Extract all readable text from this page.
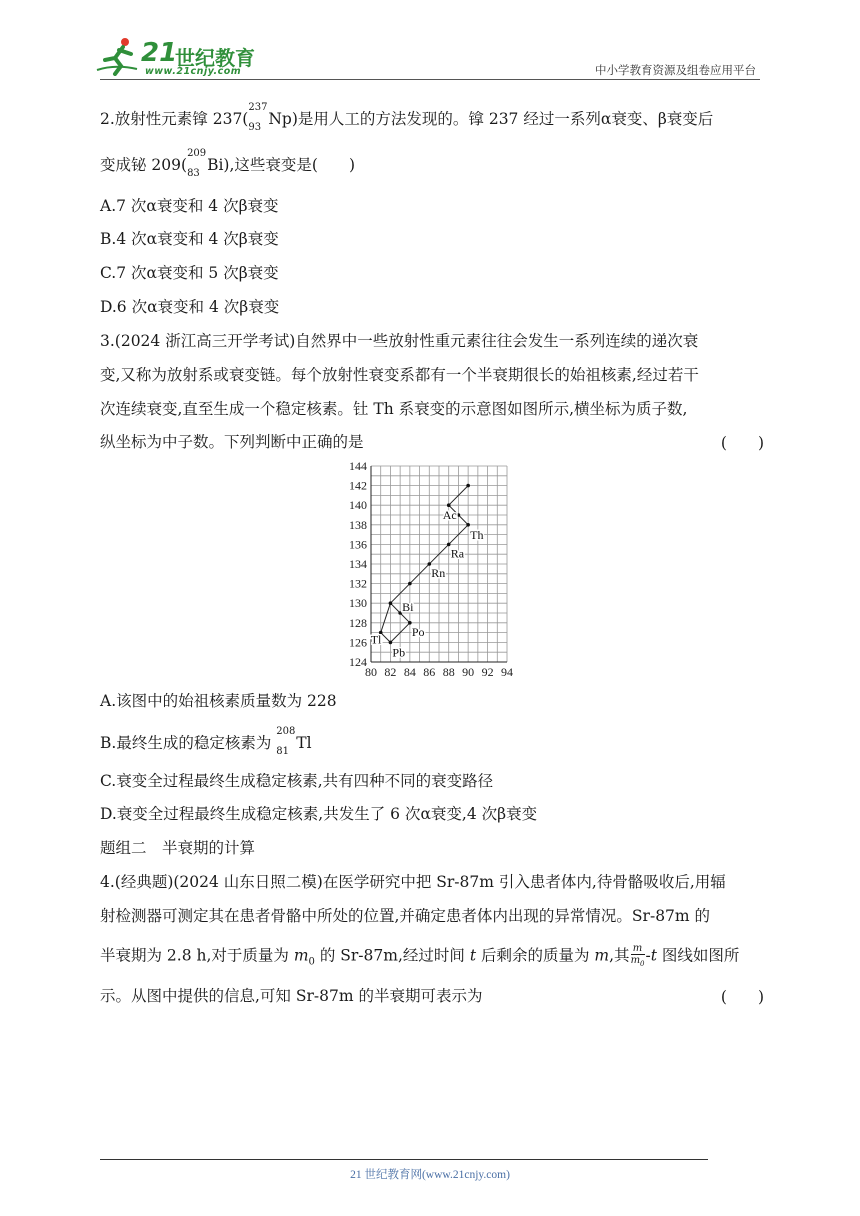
21
世纪教育
www.21cnjy.com	中小学教育资源及组卷应用平台
2.放射性元素镎 237(
237
93 Np)是用人工的方法发现的。镎 237 经过一系列α衰变、β衰变后
变成铋 209(
209
83 Bi),这些衰变是(　　)
A.7 次α衰变和 4 次β衰变
B.4 次α衰变和 4 次β衰变
C.7 次α衰变和 5 次β衰变
D.6 次α衰变和 4 次β衰变
3.(2024 浙江高三开学考试)自然界中一些放射性重元素往往会发生一系列连续的递次衰
变,又称为放射系或衰变链。每个放射性衰变系都有一个半衰期很长的始祖核素,经过若干
次连续衰变,直至生成一个稳定核素。钍 Th 系衰变的示意图如图所示,横坐标为质子数,
纵坐标为中子数。下列判断中正确的是	(　　)
80 82 84 86 88 90 92 94
124
126
128
130
132
134
136
138
140
142
144
Ac
Th
Ra
Rn
Bi
Po
Tl
Pb
A.该图中的始祖核素质量数为 228
B.最终生成的稳定核素为
208
81 Tl
C.衰变全过程最终生成稳定核素,共有四种不同的衰变路径
D.衰变全过程最终生成稳定核素,共发生了 6 次α衰变,4 次β衰变
题组二　半衰期的计算
4.(经典题)(2024 山东日照二模)在医学研究中把 Sr-87m 引入患者体内,待骨骼吸收后,用辐
射检测器可测定其在患者骨骼中所处的位置,并确定患者体内出现的异常情况。Sr-87m 的
半衰期为 2.8 h,对于质量为 $m_0$ 的 Sr-87m,经过时间 t 后剩余的质量为 m,其 $\frac{m}{m_0} -t$ 图线如图所
示。从图中提供的信息,可知 Sr-87m 的半衰期可表示为	(　　)
21 世纪教育网(www.21cnjy.com)
